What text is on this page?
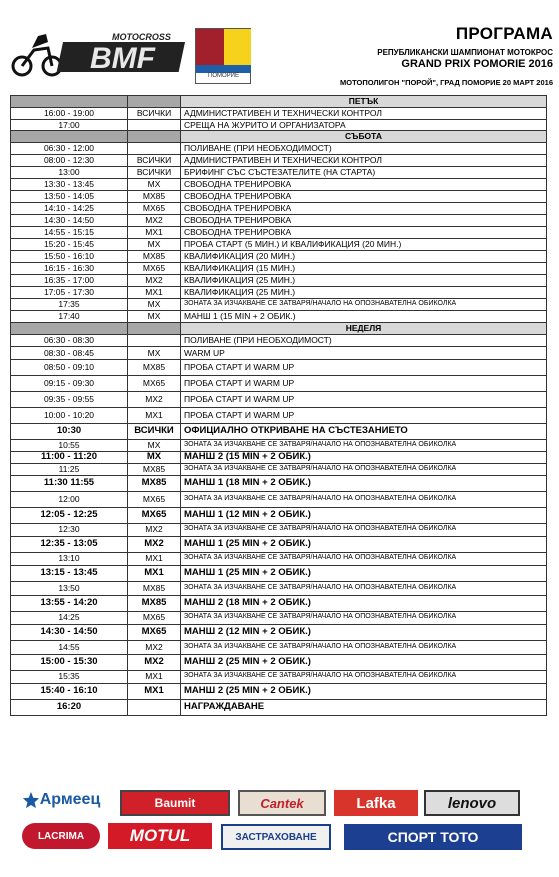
BMF
MOTOCROSS
ПОМОРИЕ
ПРОГРАМА
РЕПУБЛИКАНСКИ ШАМПИОНАТ МОТОКРОС
GRAND PRIX POMORIE 2016
МОТОПОЛИГОН "ПОРОЙ", ГРАД ПОМОРИЕ 20 МАРТ 2016
		ПЕТЪК
16:00 - 19:00	ВСИЧКИ	АДМИНИСТРАТИВЕН И ТЕХНИЧЕСКИ КОНТРОЛ
17:00		СРЕЩА НА ЖУРИТО И ОРГАНИЗАТОРА
		СЪБОТА
06:30 - 12:00		ПОЛИВАНЕ (ПРИ НЕОБХОДИМОСТ)
08:00 - 12:30	ВСИЧКИ	АДМИНИСТРАТИВЕН И ТЕХНИЧЕСКИ КОНТРОЛ
13:00	ВСИЧКИ	БРИФИНГ СЪС СЪСТЕЗАТЕЛИТЕ (НА СТАРТА)
13:30 - 13:45	MX	СВОБОДНА ТРЕНИРОВКА
13:50 - 14:05	MX85	СВОБОДНА ТРЕНИРОВКА
14:10 - 14:25	MX65	СВОБОДНА ТРЕНИРОВКА
14:30 - 14:50	MX2	СВОБОДНА ТРЕНИРОВКА
14:55 - 15:15	MX1	СВОБОДНА ТРЕНИРОВКА
15:20 - 15:45	MX	ПРОБА СТАРТ (5 МИН.) И КВАЛИФИКАЦИЯ (20 МИН.)
15:50 - 16:10	MX85	КВАЛИФИКАЦИЯ (20 МИН.)
16:15 - 16:30	MX65	КВАЛИФИКАЦИЯ (15 МИН.)
16:35 - 17:00	MX2	КВАЛИФИКАЦИЯ (25 МИН.)
17:05 - 17:30	MX1	КВАЛИФИКАЦИЯ (25 МИН.)
17:35	MX	ЗОНАТА ЗА ИЗЧАКВАНЕ СЕ ЗАТВАРЯ/НАЧАЛО НА ОПОЗНАВАТЕЛНА ОБИКОЛКА
17:40	MX	МАНШ 1 (15 MIN + 2 ОБИК.)
		НЕДЕЛЯ
06:30 - 08:30		ПОЛИВАНЕ (ПРИ НЕОБХОДИМОСТ)
08:30 - 08:45	MX	WARM UP
08:50 - 09:10	MX85	ПРОБА СТАРТ И WARM UP
09:15 - 09:30	MX65	ПРОБА СТАРТ И WARM UP
09:35 - 09:55	MX2	ПРОБА СТАРТ И WARM UP
10:00 - 10:20	MX1	ПРОБА СТАРТ И WARM UP
10:30	ВСИЧКИ	ОФИЦИАЛНО ОТКРИВАНЕ НА СЪСТЕЗАНИЕТО
10:55	MX	ЗОНАТА ЗА ИЗЧАКВАНЕ СЕ ЗАТВАРЯ/НАЧАЛО НА ОПОЗНАВАТЕЛНА ОБИКОЛКА
11:00 - 11:20	MX	МАНШ 2 (15 MIN + 2 ОБИК.)
11:25	MX85	ЗОНАТА ЗА ИЗЧАКВАНЕ СЕ ЗАТВАРЯ/НАЧАЛО НА ОПОЗНАВАТЕЛНА ОБИКОЛКА
11:30 11:55	MX85	МАНШ 1 (18 MIN + 2 ОБИК.)
12:00	MX65	ЗОНАТА ЗА ИЗЧАКВАНЕ СЕ ЗАТВАРЯ/НАЧАЛО НА ОПОЗНАВАТЕЛНА ОБИКОЛКА
12:05 - 12:25	MX65	МАНШ 1 (12 MIN + 2 ОБИК.)
12:30	MX2	ЗОНАТА ЗА ИЗЧАКВАНЕ СЕ ЗАТВАРЯ/НАЧАЛО НА ОПОЗНАВАТЕЛНА ОБИКОЛКА
12:35 - 13:05	MX2	МАНШ 1 (25 MIN + 2 ОБИК.)
13:10	MX1	ЗОНАТА ЗА ИЗЧАКВАНЕ СЕ ЗАТВАРЯ/НАЧАЛО НА ОПОЗНАВАТЕЛНА ОБИКОЛКА
13:15 - 13:45	MX1	МАНШ 1 (25 MIN + 2 ОБИК.)
13:50	MX85	ЗОНАТА ЗА ИЗЧАКВАНЕ СЕ ЗАТВАРЯ/НАЧАЛО НА ОПОЗНАВАТЕЛНА ОБИКОЛКА
13:55 - 14:20	MX85	МАНШ 2 (18 MIN + 2 ОБИК.)
14:25	MX65	ЗОНАТА ЗА ИЗЧАКВАНЕ СЕ ЗАТВАРЯ/НАЧАЛО НА ОПОЗНАВАТЕЛНА ОБИКОЛКА
14:30 - 14:50	MX65	МАНШ 2 (12 MIN + 2 ОБИК.)
14:55	MX2	ЗОНАТА ЗА ИЗЧАКВАНЕ СЕ ЗАТВАРЯ/НАЧАЛО НА ОПОЗНАВАТЕЛНА ОБИКОЛКА
15:00 - 15:30	MX2	МАНШ 2 (25 MIN + 2 ОБИК.)
15:35	MX1	ЗОНАТА ЗА ИЗЧАКВАНЕ СЕ ЗАТВАРЯ/НАЧАЛО НА ОПОЗНАВАТЕЛНА ОБИКОЛКА
15:40 - 16:10	MX1	МАНШ 2 (25 MIN + 2 ОБИК.)
16:20		НАГРАЖДАВАНЕ
Армеец	Baumit	Cantek	Lafka	lenovo
LACRIMA	MOTUL	ЗАСТРАХОВАНЕ	СПОРТ ТОТО
